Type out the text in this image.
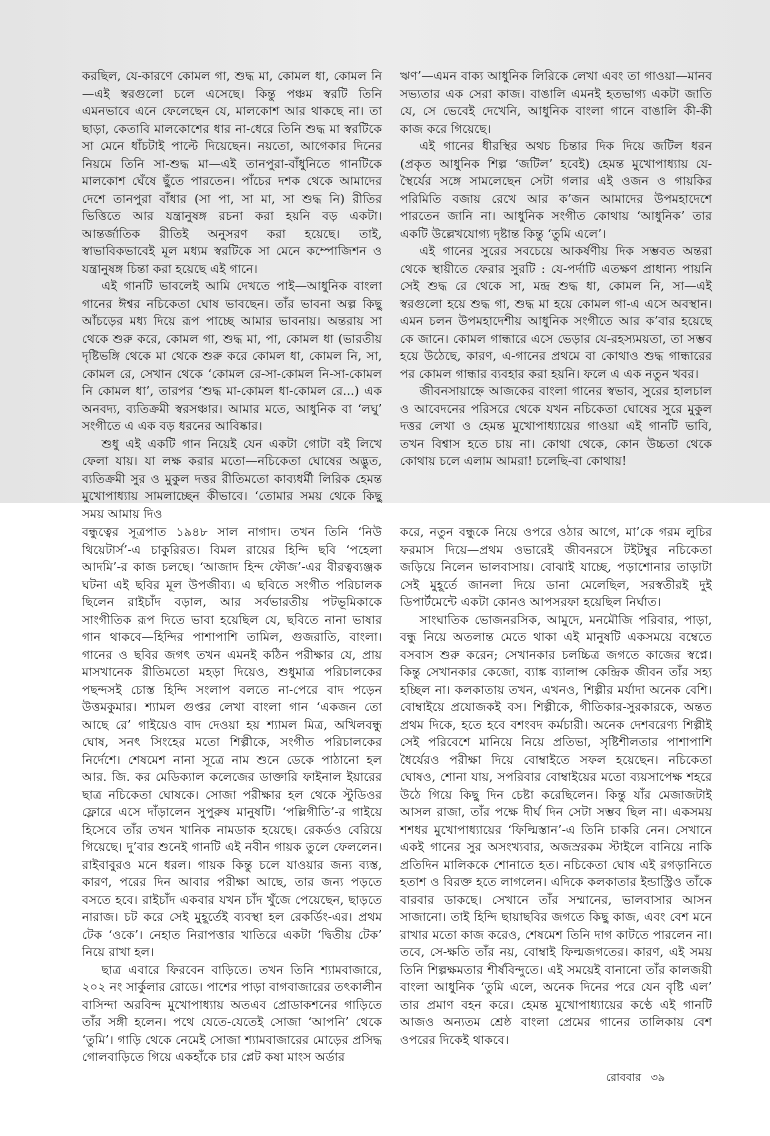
করছিল, যে-কারণে কোমল গা, শুদ্ধ মা, কোমল ধা, কোমল নি—এই স্বরগুলো চলে এসেছে। কিন্তু পঞ্চম স্বরটি তিনি এমনভাবে এনে ফেলেছেন যে, মালকোশ আর থাকছে না। তা ছাড়া, কেতাবি মালকোশের ধার না-ধেরে তিনি শুদ্ধ মা স্বরটিকে সা মেনে ধাঁচটাই পাল্টে দিয়েছেন। নয়তো, আগেকার দিনের নিয়মে তিনি সা-শুদ্ধ মা—এই তানপুরা-বাঁধুনিতে গানটিকে মালকোশ ঘেঁষে ছুঁতে পারতেন। পাঁচের দশক থেকে আমাদের দেশে তানপুরা বাঁধার (সা পা, সা মা, সা শুদ্ধ নি) রীতির ভিত্তিতে আর যন্ত্রানুষঙ্গ রচনা করা হয়নি বড় একটা। আন্তর্জাতিক রীতিই অনুসরণ করা হয়েছে। তাই, স্বাভাবিকভাবেই মূল মধ্যম স্বরটিকে সা মেনে কম্পোজিশন ও যন্ত্রানুষঙ্গ চিন্তা করা হয়েছে এই গানে।

এই গানটি ভাবলেই আমি দেখতে পাই—আধুনিক বাংলা গানের ঈশ্বর নচিকেতা ঘোষ ভাবছেন। তাঁর ভাবনা অল্প কিছু আঁচড়ের মধ্য দিয়ে রূপ পাচ্ছে আমার ভাবনায়। অন্তরায় সা থেকে শুরু করে, কোমল গা, শুদ্ধ মা, পা, কোমল ধা (ভারতীয় দৃষ্টিভঙ্গি থেকে মা থেকে শুরু করে কোমল ধা, কোমল নি, সা, কোমল রে, সেখান থেকে ‘কোমল রে-সা-কোমল নি-সা-কোমল নি কোমল ধা’, তারপর ‘শুদ্ধ মা-কোমল ধা-কোমল রে...) এক অনবদ্য, ব্যতিক্রমী স্বরসঞ্চার। আমার মতে, আধুনিক বা ‘লঘু’ সংগীতে এ এক বড় ধরনের আবিষ্কার।

শুধু এই একটি গান নিয়েই যেন একটা গোটা বই লিখে ফেলা যায়। যা লক্ষ করার মতো—নচিকেতা ঘোষের অদ্ভুত, ব্যতিক্রমী সুর ও মুকুল দত্তর রীতিমতো কাব্যধর্মী লিরিক হেমন্ত মুখোপাধ্যায় সামলাচ্ছেন কীভাবে। ‘তোমার সময় থেকে কিছু সময় আমায় দিও

ঋণ’—এমন বাক্য আধুনিক লিরিকে লেখা এবং তা গাওয়া—মানব সভ্যতার এক সেরা কাজ। বাঙালি এমনই হতভাগ্য একটা জাতি যে, সে ভেবেই দেখেনি, আধুনিক বাংলা গানে বাঙালি কী-কী কাজ করে গিয়েছে।

এই গানের ধীরস্থির অথচ চিন্তার দিক দিয়ে জটিল ধরন (প্রকৃত আধুনিক শিল্প ‘জটিল’ হবেই) হেমন্ত মুখোপাধ্যায় যে-স্থৈর্যের সঙ্গে সামলেছেন সেটা গলার এই ওজন ও গায়কির পরিমিতি বজায় রেখে আর ক’জন আমাদের উপমহাদেশে পারতেন জানি না। আধুনিক সংগীত কোথায় ‘আধুনিক’ তার একটি উল্লেখযোগ্য দৃষ্টান্ত কিন্তু ‘তুমি এলে’।

এই গানের সুরের সবচেয়ে আকর্ষণীয় দিক সম্ভবত অন্তরা থেকে স্থায়ীতে ফেরার সুরটি : যে-পর্দাটি এতক্ষণ প্রাধান্য পায়নি সেই শুদ্ধ রে থেকে সা, মন্দ্র শুদ্ধ ধা, কোমল নি, সা—এই স্বরগুলো হয়ে শুদ্ধ গা, শুদ্ধ মা হয়ে কোমল গা-এ এসে অবস্থান। এমন চলন উপমহাদেশীয় আধুনিক সংগীতে আর ক’বার হয়েছে কে জানে। কোমল গান্ধারে এসে ভেড়ার যে-রহস্যময়তা, তা সম্ভব হয়ে উঠেছে, কারণ, এ-গানের প্রথমে বা কোথাও শুদ্ধ গান্ধারের পর কোমল গান্ধার ব্যবহার করা হয়নি। ফলে এ এক নতুন খবর।

জীবনসায়াহ্নে আজকের বাংলা গানের স্বভাব, সুরের হালচাল ও আবেদনের পরিসরে থেকে যখন নচিকেতা ঘোষের সুরে মুকুল দত্তর লেখা ও হেমন্ত মুখোপাধ্যায়ের গাওয়া এই গানটি ভাবি, তখন বিশ্বাস হতে চায় না। কোথা থেকে, কোন উচ্চতা থেকে কোথায় চলে এলাম আমরা! চলেছি-বা কোথায়!

বন্ধুত্বের সূত্রপাত ১৯৪৮ সাল নাগাদ। তখন তিনি ‘নিউ থিয়েটার্স’-এ চাকুরিরত। বিমল রায়ের হিন্দি ছবি ‘পহেলা আদমি’-র কাজ চলছে। ‘আজাদ হিন্দ ফৌজ’-এর বীরত্বব্যঞ্জক ঘটনা এই ছবির মূল উপজীব্য। এ ছবিতে সংগীত পরিচালক ছিলেন রাইচাঁদ বড়াল, আর সর্বভারতীয় পটভূমিকাকে সাংগীতিক রূপ দিতে ভাবা হয়েছিল যে, ছবিতে নানা ভাষার গান থাকবে—হিন্দির পাশাপাশি তামিল, গুজরাতি, বাংলা। গানের ও ছবির জগৎ তখন এমনই কঠিন পরীক্ষার যে, প্রায় মাসখানেক রীতিমতো মহড়া দিয়েও, শুধুমাত্র পরিচালকের পছন্দসই চোস্ত হিন্দি সংলাপ বলতে না-পেরে বাদ পড়েন উত্তমকুমার। শ্যামল গুপ্তর লেখা বাংলা গান ‘একজন তো আছে রে’ গাইয়েও বাদ দেওয়া হয় শ্যামল মিত্র, অখিলবন্ধু ঘোষ, সনৎ সিংহের মতো শিল্পীকে, সংগীত পরিচালকের নির্দেশে। শেষমেশ নানা সূত্রে নাম শুনে ডেকে পাঠানো হল আর. জি. কর মেডিক্যাল কলেজের ডাক্তারি ফাইনাল ইয়ারের ছাত্র নচিকেতা ঘোষকে। সোজা পরীক্ষার হল থেকে স্টুডিওর ফ্লোরে এসে দাঁড়ালেন সুপুরুষ মানুষটি। ‘পল্লিগীতি’-র গাইয়ে হিসেবে তাঁর তখন খানিক নামডাক হয়েছে। রেকর্ডও বেরিয়ে গিয়েছে। দু’বার শুনেই গানটি এই নবীন গায়ক তুলে ফেললেন। রাইবাবুরও মনে ধরল। গায়ক কিন্তু চলে যাওয়ার জন্য ব্যস্ত, কারণ, পরের দিন আবার পরীক্ষা আছে, তার জন্য পড়তে বসতে হবে। রাইচাঁদ একবার যখন চাঁদ খুঁজে পেয়েছেন, ছাড়তে নারাজ। চট করে সেই মুহূর্তেই ব্যবস্থা হল রেকর্ডিং-এর। প্রথম টেক ‘ওকে’। নেহাত নিরাপত্তার খাতিরে একটা ‘দ্বিতীয় টেক’ নিয়ে রাখা হল।

ছাত্র এবারে ফিরবেন বাড়িতে। তখন তিনি শ্যামবাজারে, ২০২ নং সার্কুলার রোডে। পাশের পাড়া বাগবাজারের তৎকালীন বাসিন্দা অরবিন্দ মুখোপাধ্যায় অতএব প্রোডাকশনের গাড়িতে তাঁর সঙ্গী হলেন। পথে যেতে-যেতেই সোজা ‘আপনি’ থেকে ‘তুমি’। গাড়ি থেকে নেমেই সোজা শ্যামবাজারের মোড়ের প্রসিদ্ধ গোলবাড়িতে গিয়ে একহাঁকে চার প্লেট কষা মাংস অর্ডার

করে, নতুন বন্ধুকে নিয়ে ওপরে ওঠার আগে, মা’কে গরম লুচির ফরমাস দিয়ে—প্রথম ওভারেই জীবনরসে টইটম্বুর নচিকেতা জড়িয়ে নিলেন ভালবাসায়। বোঝাই যাচ্ছে, পড়াশোনার তাড়াটা সেই মুহূর্তে জানলা দিয়ে ডানা মেলেছিল, সরস্বতীরই দুই ডিপার্টমেন্টে একটা কোনও আপসরফা হয়েছিল নির্ঘাত।

সাংঘাতিক ভোজনরসিক, আমুদে, মনমৌজি পরিবার, পাড়া, বন্ধু নিয়ে অতলান্ত মেতে থাকা এই মানুষটি একসময়ে বম্বেতে বসবাস শুরু করেন; সেখানকার চলচ্চিত্র জগতে কাজের স্বপ্নে। কিন্তু সেখানকার কেজো, ব্যাঙ্ক ব্যালান্স কেন্দ্রিক জীবন তাঁর সহ্য হচ্ছিল না। কলকাতায় তখন, এখনও, শিল্পীর মর্যাদা অনেক বেশি। বোম্বাইয়ে প্রযোজকই বস। শিল্পীকে, গীতিকার-সুরকারকে, অন্তত প্রথম দিকে, হতে হবে বশংবদ কর্মচারী। অনেক দেশবরেণ্য শিল্পীই সেই পরিবেশে মানিয়ে নিয়ে প্রতিভা, সৃষ্টিশীলতার পাশাপাশি ধৈর্যেরও পরীক্ষা দিয়ে বোম্বাইতে সফল হয়েছেন। নচিকেতা ঘোষও, শোনা যায়, সপরিবার বোম্বাইয়ের মতো ব্যয়সাপেক্ষ শহরে উঠে গিয়ে কিছু দিন চেষ্টা করেছিলেন। কিন্তু যাঁর মেজাজটাই আসল রাজা, তাঁর পক্ষে দীর্ঘ দিন সেটা সম্ভব ছিল না। একসময় শশধর মুখোপাধ্যায়ের ‘ফিল্মিস্তান’-এ তিনি চাকরি নেন। সেখানে একই গানের সুর অসংখ্যবার, অজস্ররকম স্টাইলে বানিয়ে নাকি প্রতিদিন মালিককে শোনাতে হত। নচিকেতা ঘোষ এই রগড়ানিতে হতাশ ও বিরক্ত হতে লাগলেন। এদিকে কলকাতার ইন্ডাস্ট্রিও তাঁকে বারবার ডাকছে। সেখানে তাঁর সম্মানের, ভালবাসার আসন সাজানো। তাই হিন্দি ছায়াছবির জগতে কিছু কাজ, এবং বেশ মনে রাখার মতো কাজ করেও, শেষমেশ তিনি দাগ কাটতে পারলেন না। তবে, সে-ক্ষতি তাঁর নয়, বোম্বাই ফিল্মজগতের। কারণ, এই সময় তিনি শিল্পক্ষমতার শীর্ষবিন্দুতে। এই সময়েই বানানো তাঁর কালজয়ী বাংলা আধুনিক ‘তুমি এলে, অনেক দিনের পরে যেন বৃষ্টি এল’ তার প্রমাণ বহন করে। হেমন্ত মুখোপাধ্যায়ের কণ্ঠে এই গানটি আজও অন্যতম শ্রেষ্ঠ বাংলা প্রেমের গানের তালিকায় বেশ ওপরের দিকেই থাকবে।

রোববার ৩৯
